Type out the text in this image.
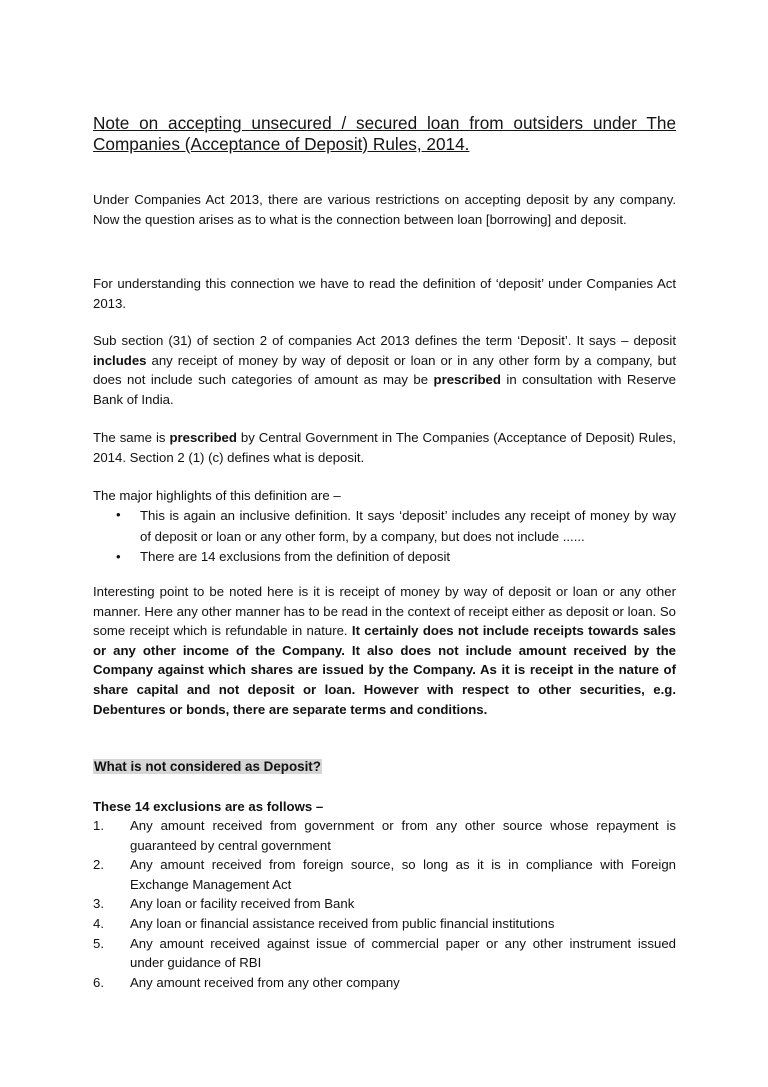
Note on accepting unsecured / secured loan from outsiders under The Companies (Acceptance of Deposit) Rules, 2014.
Under Companies Act 2013, there are various restrictions on accepting deposit by any company. Now the question arises as to what is the connection between loan [borrowing] and deposit.
For understanding this connection we have to read the definition of ‘deposit’ under Companies Act 2013.
Sub section (31) of section 2 of companies Act 2013 defines the term ‘Deposit’. It says – deposit includes any receipt of money by way of deposit or loan or in any other form by a company, but does not include such categories of amount as may be prescribed in consultation with Reserve Bank of India.
The same is prescribed by Central Government in The Companies (Acceptance of Deposit) Rules, 2014. Section 2 (1) (c) defines what is deposit.
The major highlights of this definition are –
•	This is again an inclusive definition. It says ‘deposit’ includes any receipt of money by way of deposit or loan or any other form, by a company, but does not include ......
•	There are 14 exclusions from the definition of deposit
Interesting point to be noted here is it is receipt of money by way of deposit or loan or any other manner. Here any other manner has to be read in the context of receipt either as deposit or loan. So some receipt which is refundable in nature. It certainly does not include receipts towards sales or any other income of the Company. It also does not include amount received by the Company against which shares are issued by the Company. As it is receipt in the nature of share capital and not deposit or loan. However with respect to other securities, e.g. Debentures or bonds, there are separate terms and conditions.
What is not considered as Deposit?
These 14 exclusions are as follows –
1.	Any amount received from government or from any other source whose repayment is guaranteed by central government
2.	Any amount received from foreign source, so long as it is in compliance with Foreign Exchange Management Act
3.	Any loan or facility received from Bank
4.	Any loan or financial assistance received from public financial institutions
5.	Any amount received against issue of commercial paper or any other instrument issued under guidance of RBI
6.	Any amount received from any other company
